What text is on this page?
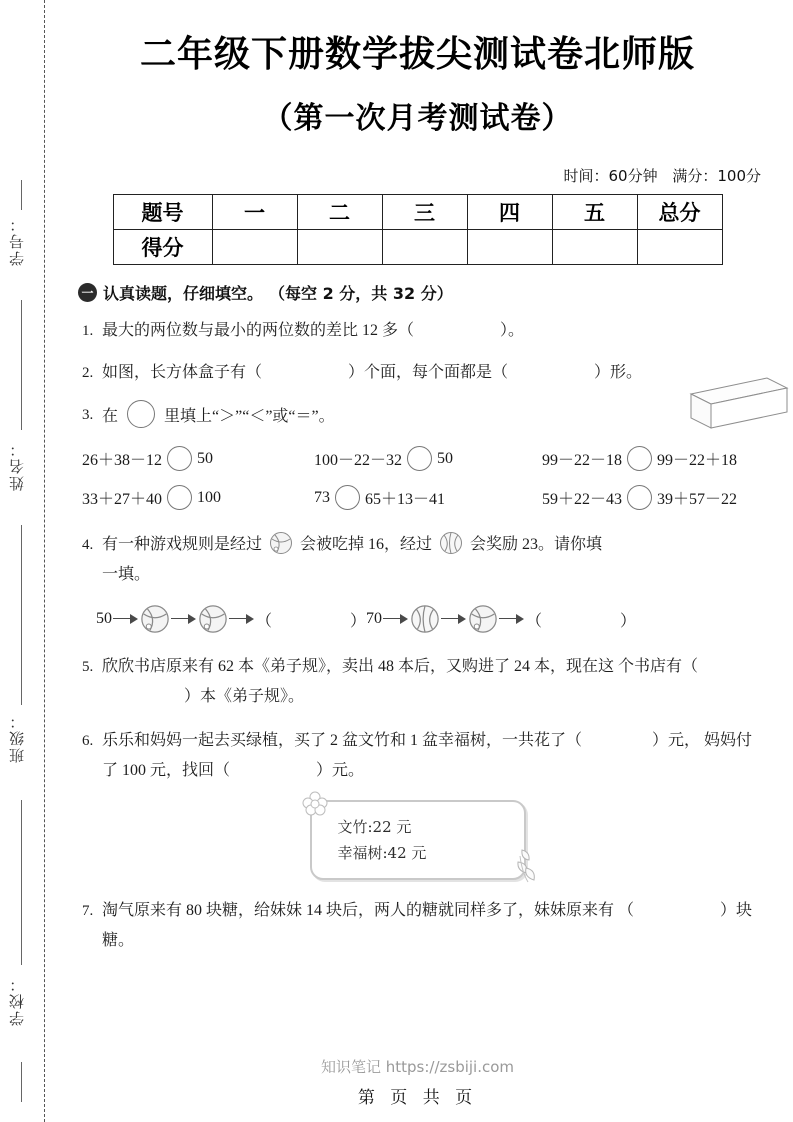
学号：
姓名：
班级：
学校：
二年级下册数学拔尖测试卷北师版
（第一次月考测试卷）

时间：60分钟 满分：100分

题号	一	二	三	四	五	总分
得分						
一 认真读题，仔细填空。 （每空 2 分，共 32 分）
1. 最大的两位数与最小的两位数的差比 12 多（	）。
2. 如图，长方体盒子有（	）个面，每个面都是（	）形。
3. 在	里填上“＞”“＜”或“＝”。
26＋38－12 50	100－22－32 50	99－22－18 99－22＋18
33＋27＋40 100	73 65＋13－41	59＋22－43 39＋57－22
4. 有一种游戏规则是经过 会被吃掉 16，经过 会奖励 23。请你填
一填。
50	（	） 70	（	）
5. 欣欣书店原来有 62 本《弟子规》，卖出 48 本后，又购进了 24 本，现在这 个书店有（  ）本《弟子规》。
6. 乐乐和妈妈一起去买绿植，买了 2 盆文竹和 1 盆幸福树，一共花了（	）元， 妈妈付了 100 元，找回（	）元。
文竹:22 元
幸福树:42 元
7. 淘气原来有 80 块糖，给妹妹 14 块后，两人的糖就同样多了，妹妹原来有 （	）块糖。
知识笔记 https://zsbiji.com
第 页 共 页
